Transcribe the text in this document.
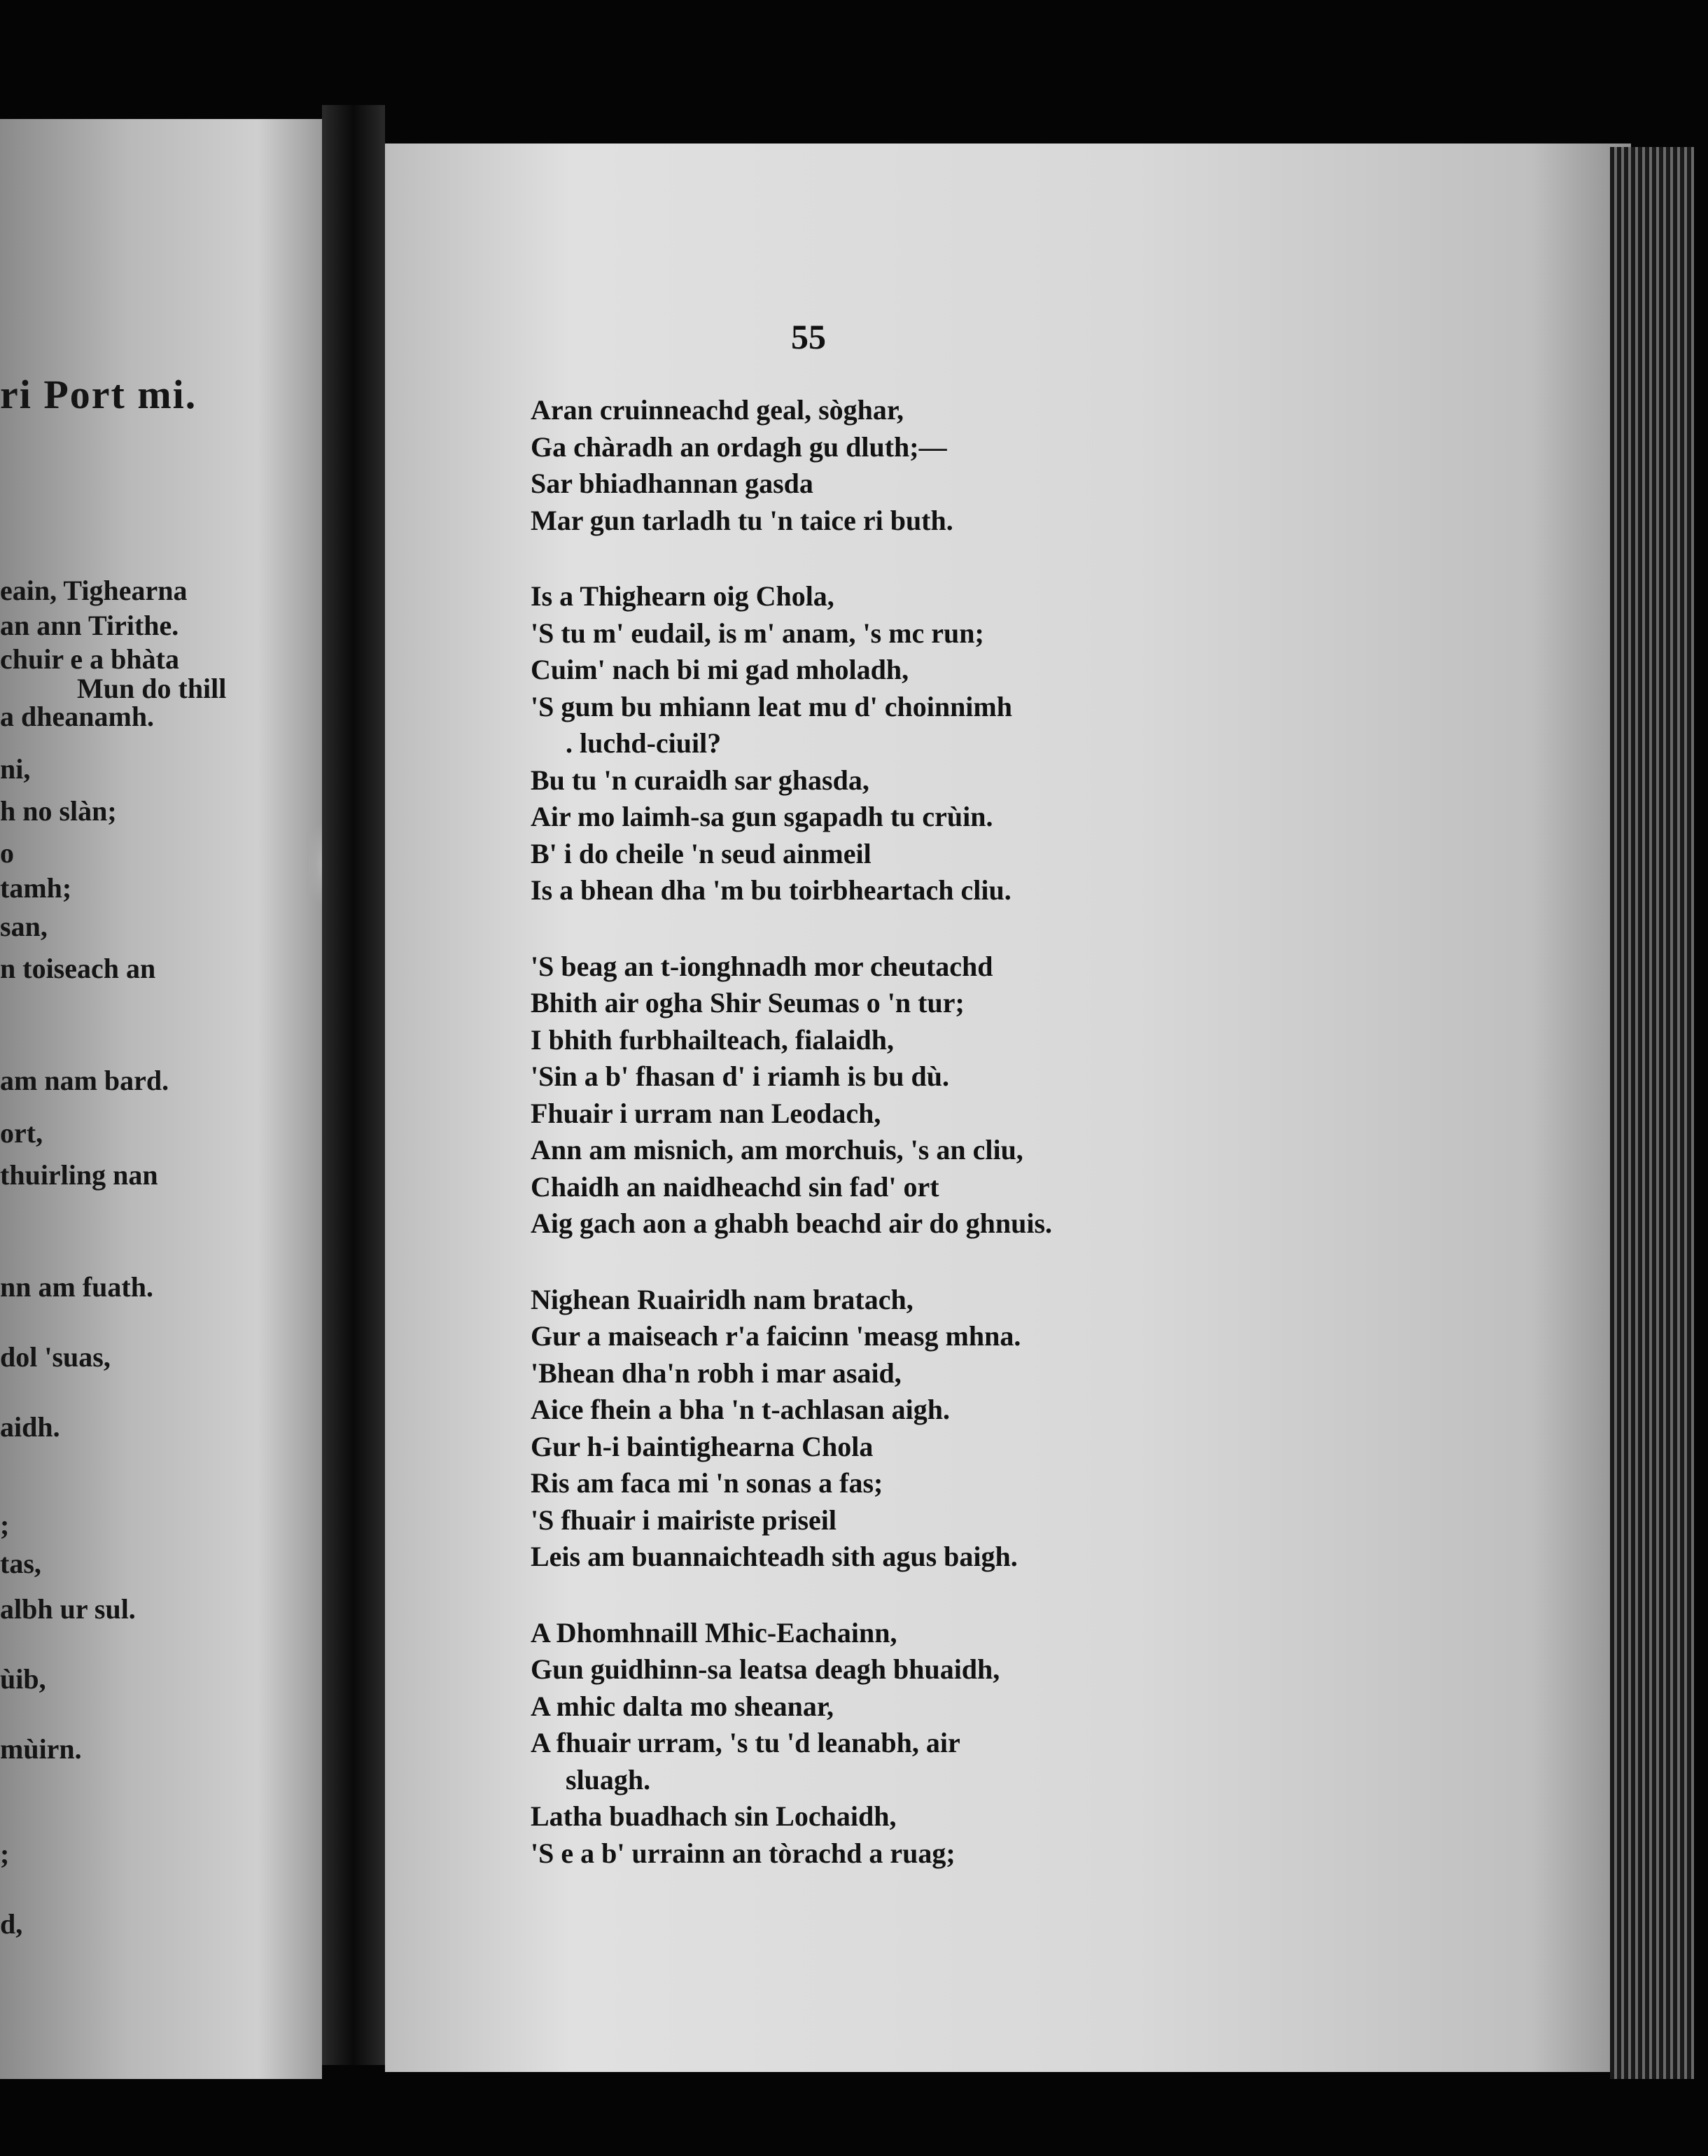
ri Port mi.

eain, Tighearna
an ann Tirithe.
chuir e a bhàta
Mun do thill
a dheanamh.
ni,
h no slàn;
o
tamh;
san,
n toiseach an
am nam bard.
ort,
thuirling nan
nn am fuath.
dol 'suas,
aidh.
;
tas,
albh ur sul.
ùib,
mùirn.
;
d,

55
Aran cruinneachd geal, sòghar,
Ga chàradh an ordagh gu dluth;—
Sar bhiadhannan gasda
Mar gun tarladh tu 'n taice ri buth.
Is a Thighearn oig Chola,
'S tu m' eudail, is m' anam, 's mc run;
Cuim' nach bi mi gad mholadh,
'S gum bu mhiann leat mu d' choinnimh
. luchd-ciuil?
Bu tu 'n curaidh sar ghasda,
Air mo laimh-sa gun sgapadh tu crùin.
B' i do cheile 'n seud ainmeil
Is a bhean dha 'm bu toirbheartach cliu.
'S beag an t-ionghnadh mor cheutachd
Bhith air ogha Shir Seumas o 'n tur;
I bhith furbhailteach, fialaidh,
'Sin a b' fhasan d' i riamh is bu dù.
Fhuair i urram nan Leodach,
Ann am misnich, am morchuis, 's an cliu,
Chaidh an naidheachd sin fad' ort
Aig gach aon a ghabh beachd air do ghnuis.
Nighean Ruairidh nam bratach,
Gur a maiseach r'a faicinn 'measg mhna.
'Bhean dha'n robh i mar asaid,
Aice fhein a bha 'n t-achlasan aigh.
Gur h-i baintighearna Chola
Ris am faca mi 'n sonas a fas;
'S fhuair i mairiste priseil
Leis am buannaichteadh sith agus baigh.
A Dhomhnaill Mhic-Eachainn,
Gun guidhinn-sa leatsa deagh bhuaidh,
A mhic dalta mo sheanar,
A fhuair urram, 's tu 'd leanabh, air
sluagh.
Latha buadhach sin Lochaidh,
'S e a b' urrainn an tòrachd a ruag;
